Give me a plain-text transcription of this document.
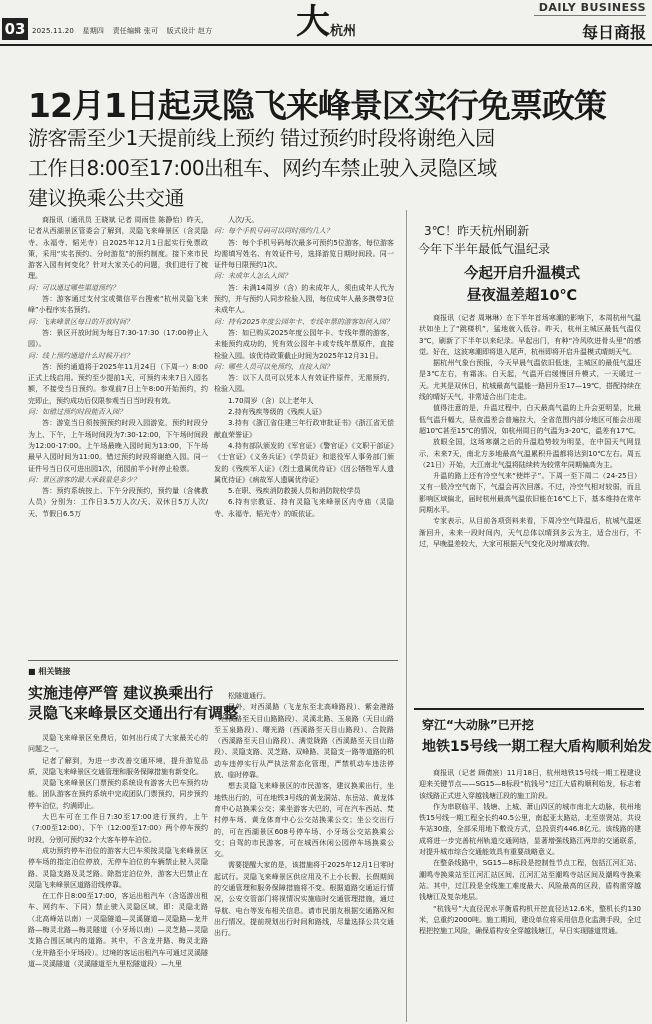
03 2025.11.20 星期四 责任编辑 张可 版式设计 赵方 大 杭州
DAILY BUSINESS
每日商报
12月1日起灵隐飞来峰景区实行免票政策
游客需至少1天提前线上预约 错过预约时段将谢绝入园
工作日8:00至17:00出租车、网约车禁止驶入灵隐区域
建议换乘公共交通

商报讯（通讯员 王晓斌 记者 周雨佳 陈静怡）昨天，记者从西湖景区管委会了解到，灵隐飞来峰景区（含灵隐寺、永福寺、韬光寺）自2025年12月1日起实行免票政策，采用“实名预约、分时游览”的预约制度。接下来市民游客入园有何变化？针对大家关心的问题，我们进行了梳理。

问：可以通过哪些渠道预约？

答：游客通过支付宝或微信平台搜索“杭州灵隐飞来峰”小程序实名预约。

问：飞来峰景区每日的开放时间？

答：景区开放时间为每日7:30-17:30（17:00停止入园）。

问：线上预约通道什么时候开启？

答：预约通道将于2025年11月24日（下周一）8:00正式上线启用。预约至少提前1天，可预约未来7日入园名额，不接受当日预约。参观前7日上午8:00开始预约，约完即止，预约成功后仅限参观当日当时段有效。

问：如错过预约时段能否入园？

答：游览当日须按照预约时段入园游览，预约时段分为上、下午，上午场时间段为7:30-12:00，下午场时间段为12:00-17:00。上午场最晚入园时间为13:00，下午场最早入园时间为11:00。错过预约时段将谢绝入园。同一证件号当日仅可进出园1次，闭园前半小时停止检票。

问：景区游客的最大承载量是多少？

答：预约系统按上、下午分段预约，预约量（含佛教人员）分别为：工作日3.5万人次/天、双休日5万人次/天、节假日6.5万

人次/天。

问：每个手机号码可以同时预约几人？

答：每个手机号码每次最多可预约5位游客，每位游客均需填写姓名、有效证件号，选择游览日期时间段。同一证件每日限预约1次。

问：未成年人怎么入园？

答：未满14周岁（含）的未成年人，须由成年人代为预约，并与预约人同步检验入园，每位成年人最多携带3位未成年人。

问：持有2025年度公园年卡、专线年票的游客如何入园？

答：如已购买2025年度公园年卡、专线年票的游客，未能预约成功的，凭有效公园年卡或专线年票原件，直接检验入园。该优待政策截止时间为2025年12月31日。

问：哪些人员可以免预约，直接入园？

答：以下人员可以凭本人有效证件原件，无需预约，检验入园。

1.70周岁（含）以上老年人

2.持有残疾等级的《残疾人证》

3.持有《浙江省住建三年行政审批证书》《浙江省无偿献血荣誉证》

4.持有部队颁发的《军官证》《警官证》《文职干部证》《士官证》《义务兵证》《学员证》和退役军人事务部门颁发的《残疾军人证》《烈士遗属优待证》《因公牺牲军人遗属优待证》《病故军人遗属优待证》

5.在职、残疾消防救援人员和消防院校学员

6.持有宗教证、持有灵隐飞来峰景区内寺庙（灵隐寺、永福寺、韬光寺）的皈依证。

■ 相关链接
实施违停严管 建议换乘出行
灵隐飞来峰景区交通出行有调整

灵隐飞来峰景区免费后，如何出行成了大家最关心的问题之一。

记者了解到，为进一步改善交通环境，提升游览品质，灵隐飞来峰景区交通管理和服务保障措施有新变化。

灵隐飞来峰景区门票预约系统设有游客大巴车预约功能。团队游客在预约系统中完成团队门票预约，同步预约停车泊位，约满即止。

大巴车可在工作日7:30至17:00进行预约，上午（7:00至12:00）、下午（12:00至17:00）两个停车预约时段，分别可预约32个大客车停车泊位。

成功预约停车泊位的游客大巴车须按灵隐飞来峰景区停车场的指定泊位停放，无停车泊位的车辆禁止驶入灵隐路、灵隐支路及灵芝路。除指定泊位外，游客大巴禁止在灵隐飞来峰景区道路沿线停靠。

在工作日8:00至17:00，客运出租汽车（含巡游出租车、网约车、下同）禁止驶入灵隐区域，即：灵隐北路（北高峰站以南）一灵隐隧道—灵溪隧道—灵隐路—龙井路—梅灵北路—梅灵隧道（小牙场以南）—灵芝路—灵隐支路合围区域内的道路。其中，不含龙井路、梅灵北路（龙井路至小牙场段）。过境的客运出租汽车可通过灵溪隧道—灵溪隧道（灵溪隧道至九里松隧道段）—九里

松隧道通行。

另外，对西溪路（飞龙东至北高峰路段）、紫金港路（西溪路至天目山路路段）、灵溪北路、玉泉路（天目山路至玉泉路段）、曙光路（西溪路至天目山路段）、合院路（西溪路至天目山路段）、满觉陇路（西溪路至天目山路段）、灵隐支路、灵芝路、双峰路、灵隐支一路等道路的机动车违停实行从严执法常态化管理，严禁机动车违法停放、临时停靠。

想去灵隐飞来峰景区的市民游客，建议换乘出行，坐地铁出行的，可在地铁3号线的黄龙洞站、东岳站、黄龙体育中心站换乘公交；乘坐游客大巴的，可在汽车西站、梵村停车场、黄龙体育中心公交站换乘公交；坐公交出行的，可在西湖景区608号停车场、小牙场公交站换乘公交；自驾的市民游客，可在城西休闲公园停车场换乘公交。

需要提醒大家的是，该措施将于2025年12月1日零时起试行。灵隐飞来峰景区供应用及不上小长假、长假期间的交通管理和服务保障措施将不变。根据道路交通运行情况，公安交管部门将视情况实施临时交通管理措施，通过导航、电台等发布相关信息。请市民朋友根据交通路况和出行情况，提前规划出行时间和路线，尽量选择公共交通出行。

3℃！昨天杭州刷新
今年下半年最低气温纪录
今起开启升温模式
昼夜温差超10℃

商报讯（记者 周琳琳）在下半年首场寒潮的影响下，本周杭州气温状如坐上了“跳楼机”，猛地就入低谷。昨天，杭州主城区最低气温仅3℃，刷新了下半年以来纪录。早起出门，有种“冷风吹进骨头里”的感觉。好在，这波寒潮即将退入尾声，杭州即将开启升温模式晴朗天气。

据杭州气象台预报，今天早晨气温依旧低迷，主城区的最低气温还是3℃左右，有霜冻。白天起，气温开启缓慢回升模式，一天暖过一天。尤其是双休日，杭城最高气温能一路回升至17—19℃，搭配持续在线的晴好天气，非常适合出门走走。

值得注意的是，升温过程中，白天最高气温的上升会更明显，比最低气温升幅大，昼夜温差会普遍拉大，全省范围内部分地区可能会出现超10℃甚至15℃的情况，如杭州周日的气温为3-20℃，温差有17℃。

放眼全国，这场寒潮之后的升温趋势较为明显，在中国天气网显示，未来7天，南北方多地最高气温累积升温都将达到10℃左右。周五（21日）开始，大江南北气温将陆续转为较常年同期偏高为主。

升温的路上还有冷空气来“使绊子”。下周一至下周二（24-25日）又有一股冷空气南下，气温会再次回落。不过，冷空气相对较弱，而且影响区域偏北，届时杭州最高气温依旧能在16℃上下，基本维持在常年同期水平。

专家表示，从目前各项资料来看，下周冷空气降温后，杭城气温逐渐回升，未来一段时间内，天气总体以晴到多云为主，适合出行，不过，早晚温差较大，大家可根据天气变化及时增减衣物。

穿江“大动脉”已开挖
地铁15号线一期工程大盾构顺利始发

商报讯（记者 顾倩宸）11月18日，杭州地铁15号线一期工程建设迎来关键节点——SG15—8标段“杭钱号”过江大盾构顺利始发，标志着该线路正式进入穿越钱塘江段的施工阶段。

作为串联临平、钱塘、上城、萧山四区的城市南北大动脉，杭州地铁15号线一期工程全长约40.5公里，南起亚太路站，北至崇贤站，共设车站30座，全部采用地下敷设方式，总投资约446.8亿元。该线路的建成将进一步完善杭州轨道交通网络，显著增强线路江两岸的交通联系，对提升城市综合交通能效具有重要战略意义。

在整条线路中，SG15—8标段是控制性节点工程，包括江河汇站、潮鸣寺换乘站至江河汇站区间、江河汇站至潮鸣寺站区间及潮鸣寺换乘站。其中，过江段是全线施工难度最大、风险最高的区段，盾构需穿越钱塘江及复杂地层。

“杭钱号”大直径泥水平衡盾构机开挖直径达12.6米，整机长约130米，总重约2000吨。施工期间，建设单位将采用信息化监测手段，全过程把控施工风险，确保盾构安全穿越钱塘江，早日实现隧道贯通。
